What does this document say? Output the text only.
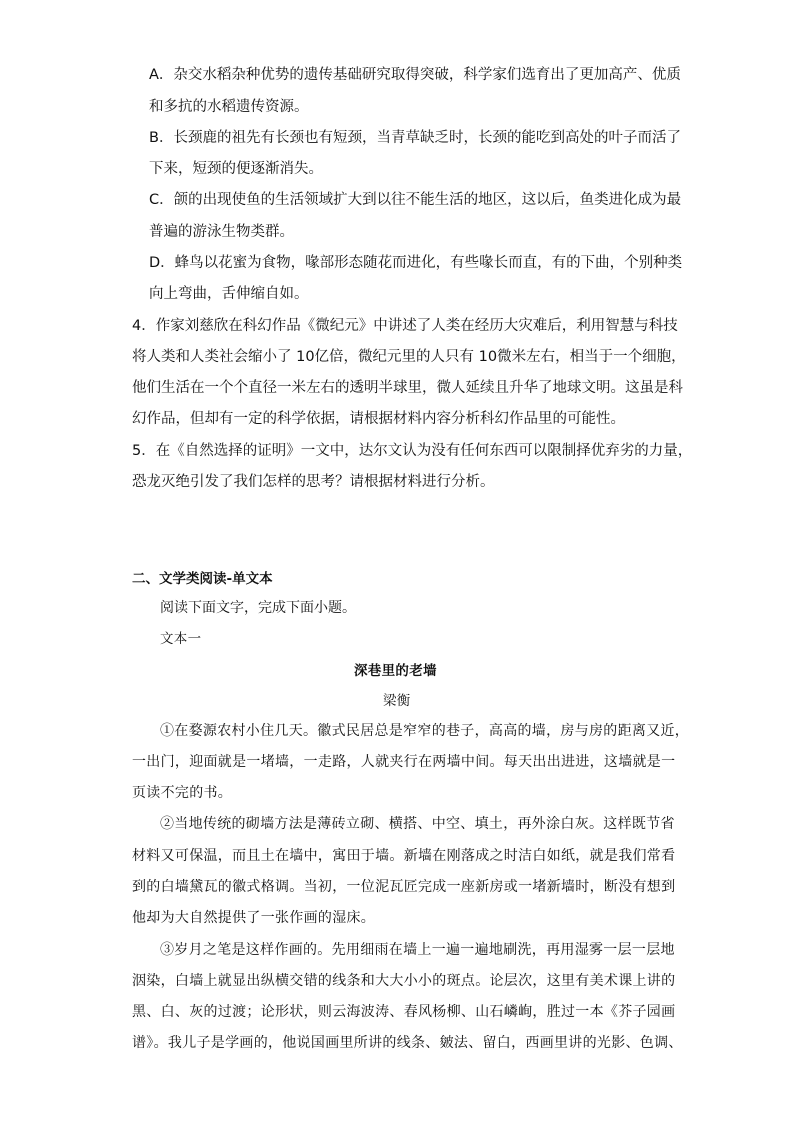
A．杂交水稻杂种优势的遗传基础研究取得突破，科学家们选育出了更加高产、优质
和多抗的水稻遗传资源。
B．长颈鹿的祖先有长颈也有短颈，当青草缺乏时，长颈的能吃到高处的叶子而活了
下来，短颈的便逐渐消失。
C．颌的出现使鱼的生活领域扩大到以往不能生活的地区，这以后，鱼类进化成为最
普遍的游泳生物类群。
D．蜂鸟以花蜜为食物，喙部形态随花而进化，有些喙长而直，有的下曲，个别种类
向上弯曲，舌伸缩自如。
4．作家刘慈欣在科幻作品《微纪元》中讲述了人类在经历大灾难后，利用智慧与科技
将人类和人类社会缩小了 10亿倍，微纪元里的人只有 10微米左右，相当于一个细胞，
他们生活在一个个直径一米左右的透明半球里，微人延续且升华了地球文明。这虽是科
幻作品，但却有一定的科学依据，请根据材料内容分析科幻作品里的可能性。
5．在《自然选择的证明》一文中，达尔文认为没有任何东西可以限制择优弃劣的力量，
恐龙灭绝引发了我们怎样的思考？请根据材料进行分析。
二、文学类阅读-单文本
阅读下面文字，完成下面小题。
文本一
深巷里的老墙
梁衡
①在婺源农村小住几天。徽式民居总是窄窄的巷子，高高的墙，房与房的距离又近，
一出门，迎面就是一堵墙，一走路，人就夹行在两墙中间。每天出出进进，这墙就是一
页读不完的书。
②当地传统的砌墙方法是薄砖立砌、横搭、中空、填土，再外涂白灰。这样既节省
材料又可保温，而且土在墙中，寓田于墙。新墙在刚落成之时洁白如纸，就是我们常看
到的白墙黛瓦的徽式格调。当初，一位泥瓦匠完成一座新房或一堵新墙时，断没有想到
他却为大自然提供了一张作画的湿床。
③岁月之笔是这样作画的。先用细雨在墙上一遍一遍地刷洗，再用湿雾一层一层地
洇染，白墙上就显出纵横交错的线条和大大小小的斑点。论层次，这里有美术课上讲的
黑、白、灰的过渡；论形状，则云海波涛、春风杨柳、山石嶙峋，胜过一本《芥子园画
谱》。我儿子是学画的，他说国画里所讲的线条、皴法、留白，西画里讲的光影、色调、
